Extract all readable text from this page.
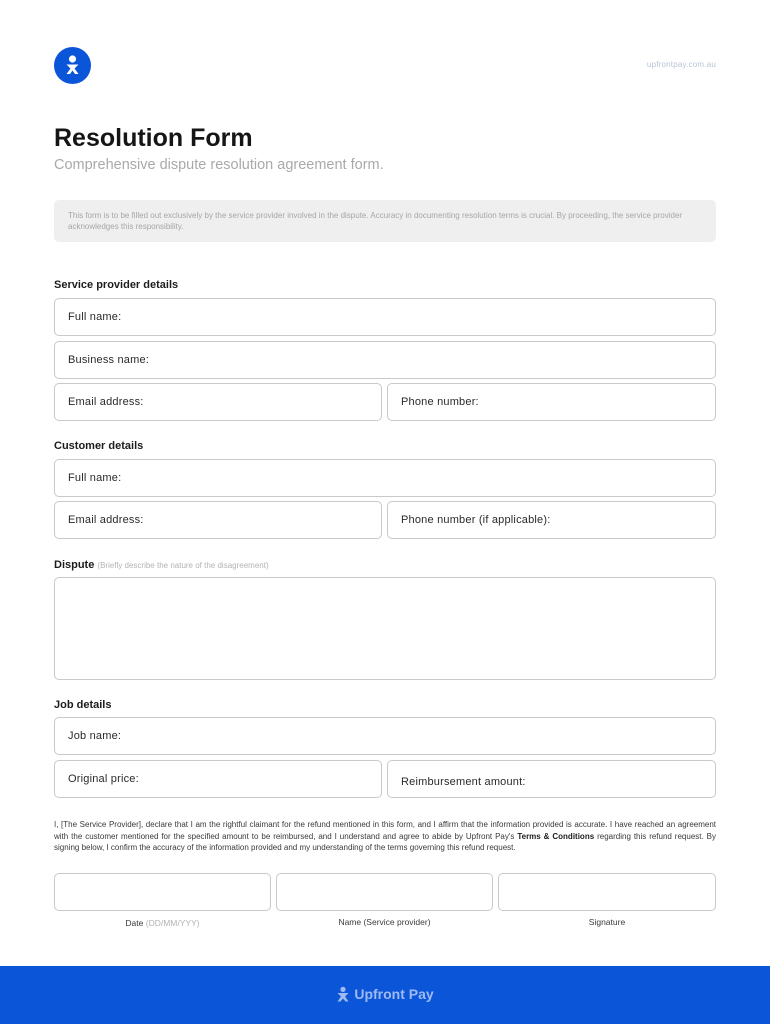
upfrontpay.com.au
Resolution Form
Comprehensive dispute resolution agreement form.
This form is to be filled out exclusively by the service provider involved in the dispute. Accuracy in documenting resolution terms is crucial. By proceeding, the service provider acknowledges this responsibility.
Service provider details
Full name:
Business name:
Email address:	Phone number:
Customer details
Full name:
Email address:	Phone number (if applicable):
Dispute (Briefly describe the nature of the disagreement)
Job details
Job name:
Original price:	Reimbursement amount:
I, [The Service Provider], declare that I am the rightful claimant for the refund mentioned in this form, and I affirm that the information provided is accurate. I have reached an agreement with the customer mentioned for the specified amount to be reimbursed, and I understand and agree to abide by Upfront Pay's Terms & Conditions regarding this refund request. By signing below, I confirm the accuracy of the information provided and my understanding of the terms governing this refund request.
Date (DD/MM/YYY)	Name (Service provider)	Signature
Upfront Pay
